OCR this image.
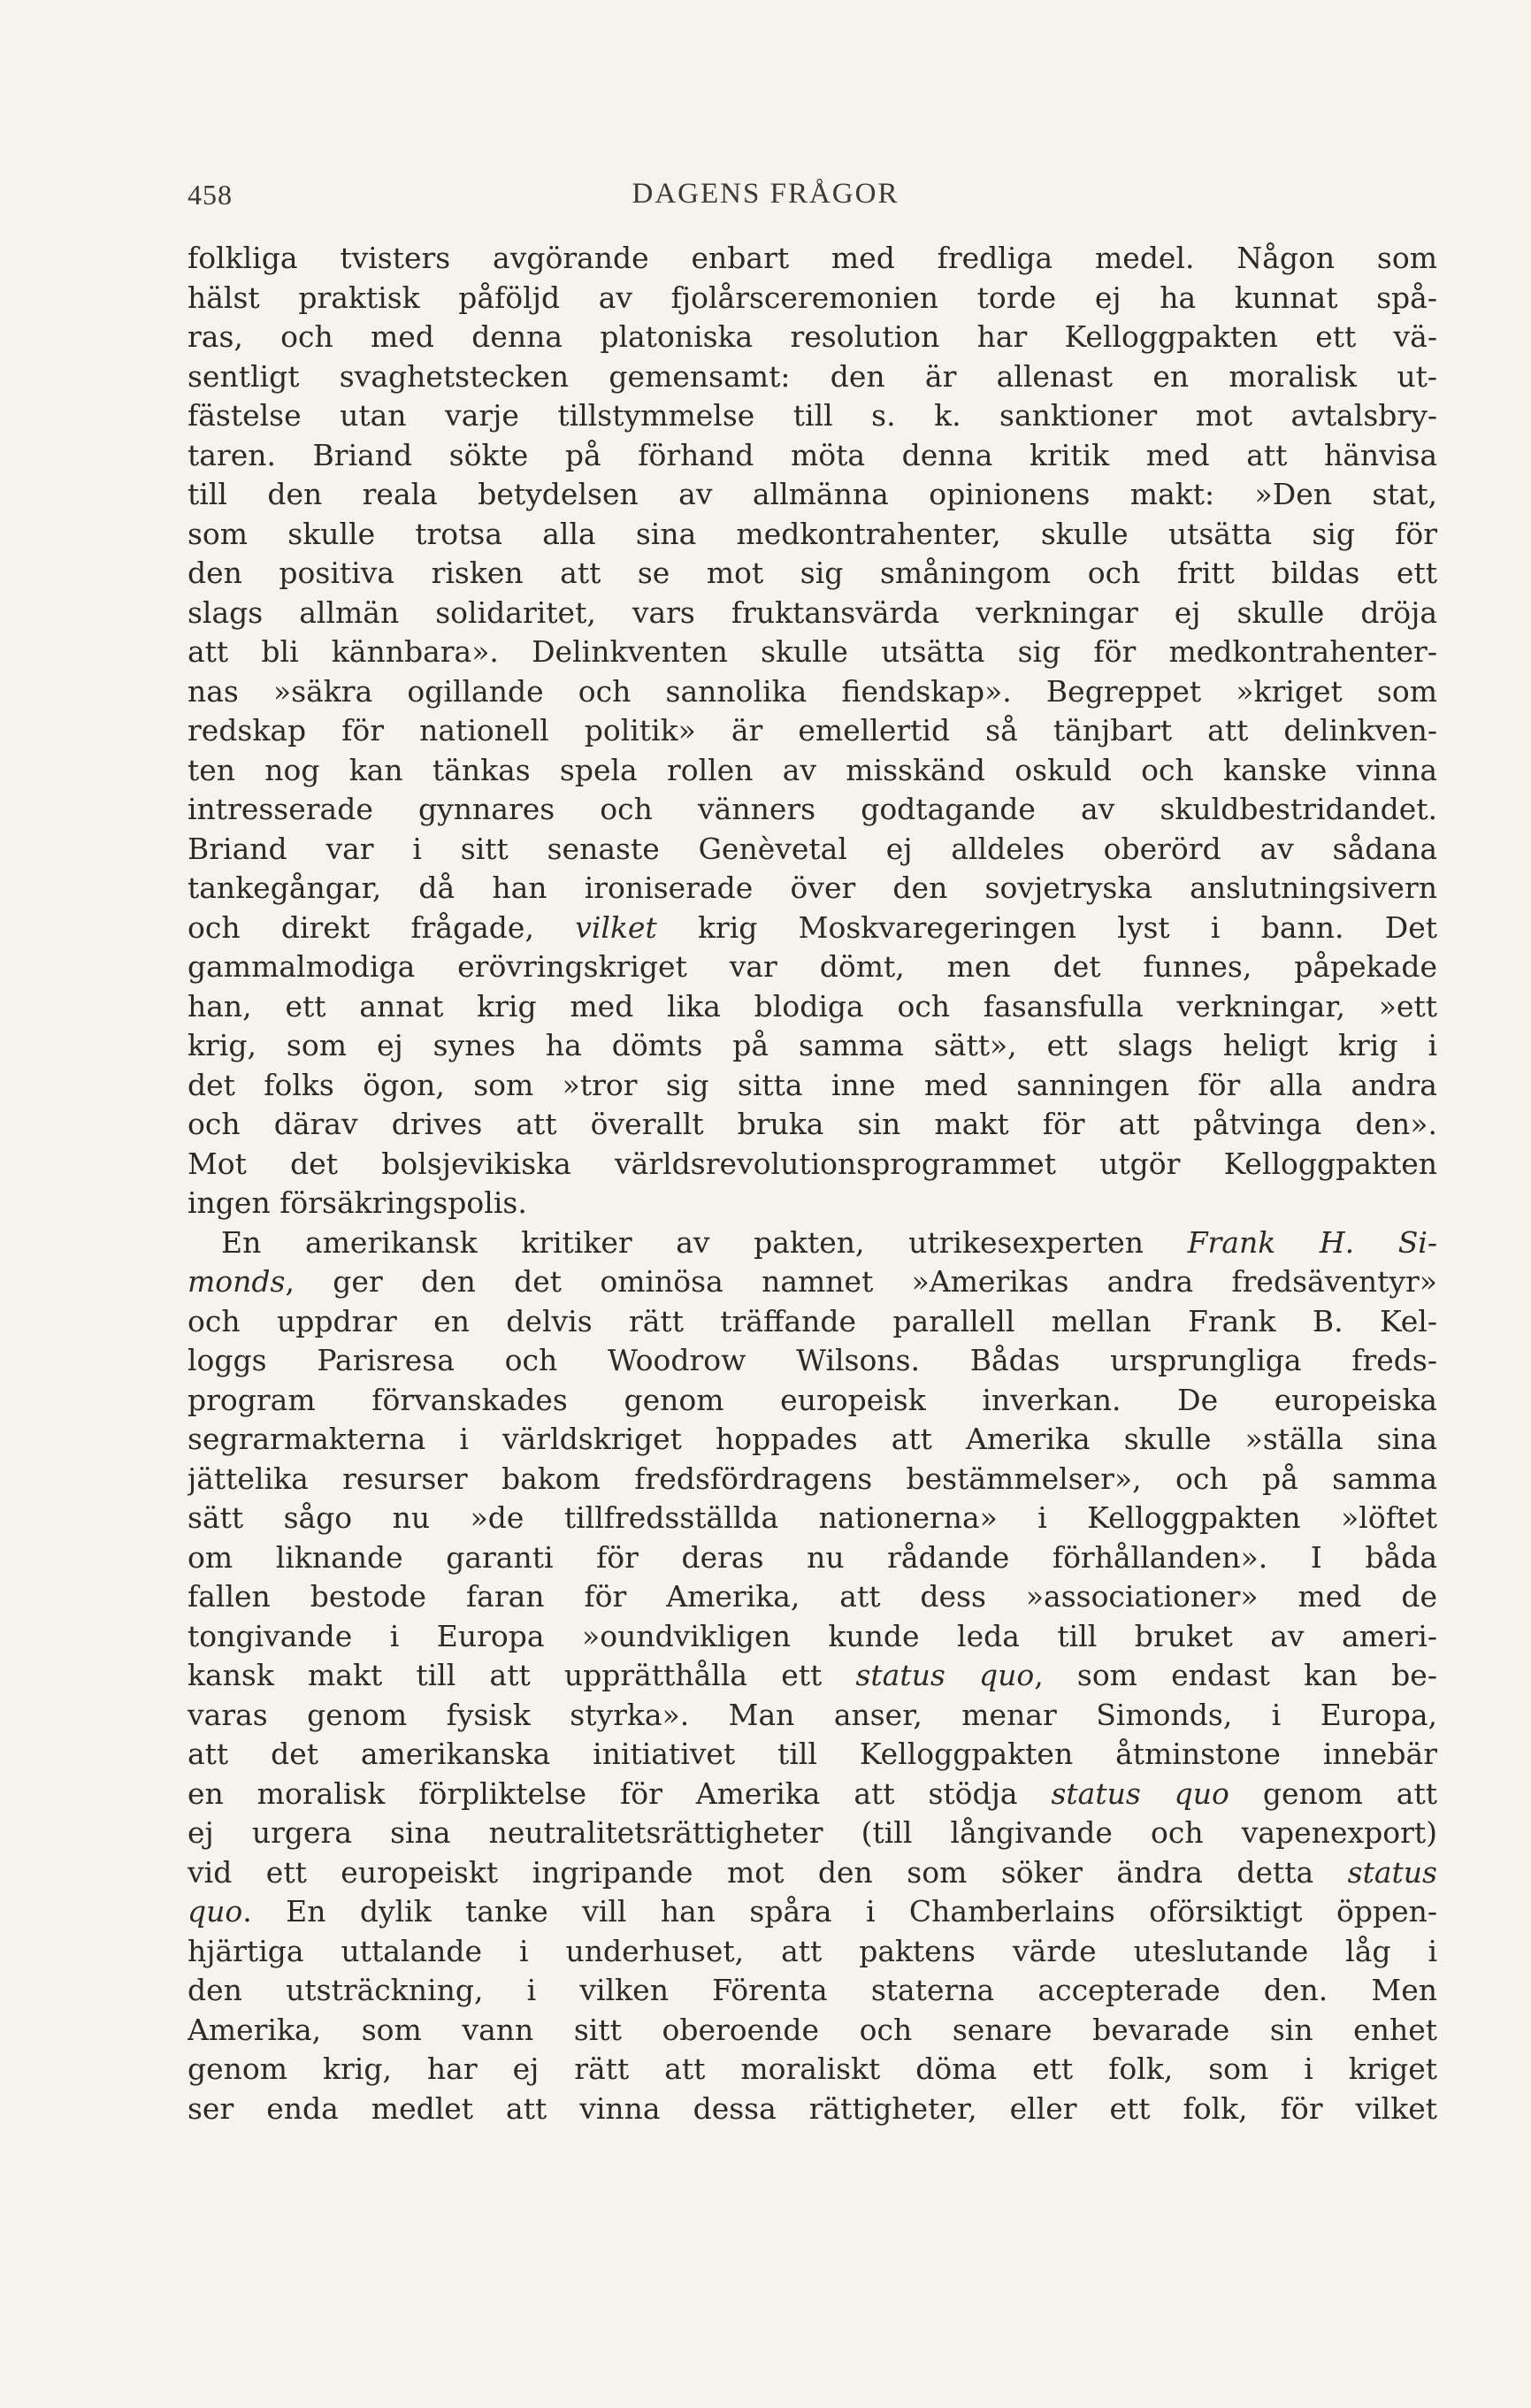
458	DAGENS FRÅGOR
folkliga tvisters avgörande enbart med fredliga medel. Någon som
hälst praktisk påföljd av fjolårsceremonien torde ej ha kunnat spå-
ras, och med denna platoniska resolution har Kelloggpakten ett vä-
sentligt svaghetstecken gemensamt: den är allenast en moralisk ut-
fästelse utan varje tillstymmelse till s. k. sanktioner mot avtalsbry-
taren. Briand sökte på förhand möta denna kritik med att hänvisa
till den reala betydelsen av allmänna opinionens makt: »Den stat,
som skulle trotsa alla sina medkontrahenter, skulle utsätta sig för
den positiva risken att se mot sig småningom och fritt bildas ett
slags allmän solidaritet, vars fruktansvärda verkningar ej skulle dröja
att bli kännbara». Delinkventen skulle utsätta sig för medkontrahenter-
nas »säkra ogillande och sannolika fiendskap». Begreppet »kriget som
redskap för nationell politik» är emellertid så tänjbart att delinkven-
ten nog kan tänkas spela rollen av misskänd oskuld och kanske vinna
intresserade gynnares och vänners godtagande av skuldbestridandet.
Briand var i sitt senaste Genèvetal ej alldeles oberörd av sådana
tankegångar, då han ironiserade över den sovjetryska anslutningsivern
och direkt frågade, vilket krig Moskvaregeringen lyst i bann. Det
gammalmodiga erövringskriget var dömt, men det funnes, påpekade
han, ett annat krig med lika blodiga och fasansfulla verkningar, »ett
krig, som ej synes ha dömts på samma sätt», ett slags heligt krig i
det folks ögon, som »tror sig sitta inne med sanningen för alla andra
och därav drives att överallt bruka sin makt för att påtvinga den».
Mot det bolsjevikiska världsrevolutionsprogrammet utgör Kelloggpakten
ingen försäkringspolis.
En amerikansk kritiker av pakten, utrikesexperten Frank H. Si-
monds, ger den det ominösa namnet »Amerikas andra fredsäventyr»
och uppdrar en delvis rätt träffande parallell mellan Frank B. Kel-
loggs Parisresa och Woodrow Wilsons. Bådas ursprungliga freds-
program förvanskades genom europeisk inverkan. De europeiska
segrarmakterna i världskriget hoppades att Amerika skulle »ställa sina
jättelika resurser bakom fredsfördragens bestämmelser», och på samma
sätt sågo nu »de tillfredsställda nationerna» i Kelloggpakten »löftet
om liknande garanti för deras nu rådande förhållanden». I båda
fallen bestode faran för Amerika, att dess »associationer» med de
tongivande i Europa »oundvikligen kunde leda till bruket av ameri-
kansk makt till att upprätthålla ett status quo, som endast kan be-
varas genom fysisk styrka». Man anser, menar Simonds, i Europa,
att det amerikanska initiativet till Kelloggpakten åtminstone innebär
en moralisk förpliktelse för Amerika att stödja status quo genom att
ej urgera sina neutralitetsrättigheter (till långivande och vapenexport)
vid ett europeiskt ingripande mot den som söker ändra detta status
quo. En dylik tanke vill han spåra i Chamberlains oförsiktigt öppen-
hjärtiga uttalande i underhuset, att paktens värde uteslutande låg i
den utsträckning, i vilken Förenta staterna accepterade den. Men
Amerika, som vann sitt oberoende och senare bevarade sin enhet
genom krig, har ej rätt att moraliskt döma ett folk, som i kriget
ser enda medlet att vinna dessa rättigheter, eller ett folk, för vilket
